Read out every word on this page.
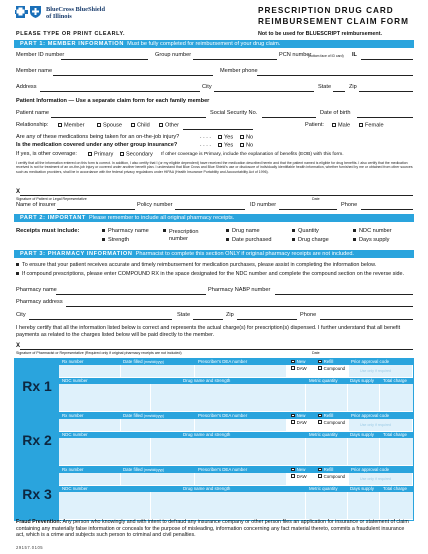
BlueCross BlueShield
of Illinois
PRESCRIPTION DRUG CARD
REIMBURSEMENT CLAIM FORM
PLEASE TYPE OR PRINT CLEARLY.	Not to be used for BLUESCRIPT reimbursement.
PART 1: MEMBER INFORMATION Must be fully completed for reimbursement of your drug claim.
Member ID number	Group number	PCN number
(bottom face of ID card) IL
Member name	Member phone
Address	City	State	Zip
Patient Information — Use a separate claim form for each family member
Patient name	Social Security No.	Date of birth
Relationship:	Member	Spouse	Child	Other	Patient:	Male	Female
Are any of these medications being taken for an on-the-job injury?	. . . .	Yes	No
Is the medication covered under any other group insurance?	. . . .	Yes	No
If yes, is other coverage:	Primary	Secondary If other coverage is Primary, include the explanation of benefits (EOB) with this form.
I certify that all the information entered on this form is correct. In addition, I also certify that I (or my eligible dependent) have received the medication described herein and that the patient named is eligible for drug benefits. I also certify that the medication received is not for treatment of an on-the-job injury or covered under another benefit plan. I understand that Blue Cross and Blue Shield's use or disclosure of individually identifiable health information, whether furnished by me or obtained from other sources such as medication providers, shall be in accordance with the federal privacy regulations under HIPAA (Health Insurance Portability and Accountability Act of 1996).
X
Signature of Patient or Legal Representative	Date
Name of insurer	Policy number	ID number	Phone
PART 2: IMPORTANT Please remember to include all original pharmacy receipts.
Receipts must include:	Pharmacy name
Strength
Prescription number
Drug name
Date purchased
Quantity
Drug charge
NDC number
Days supply
PART 3: PHARMACY INFORMATION Pharmacist to complete this section ONLY if original pharmacy receipts are not included.
To ensure that your patient receives accurate and timely reimbursement for medication purchases, please assist in completing the information below.
If compound prescriptions, please enter COMPOUND RX in the space designated for the NDC number and complete the compound section on the reverse side.
Pharmacy name	Pharmacy NABP number
Pharmacy address
City	State	Zip	Phone
I hereby certify that all the information listed below is correct and represents the actual charge(s) for prescription(s) dispensed. I further understand that all benefit payments as related to the charges listed below will be paid directly to the member.
X
Signature of Pharmacist or Representative (Required only if original pharmacy receipts are not included)	Date
Rx 1
Rx number	Date filled (mm/dd/yyyy)	Prescriber's DEA number	Prior approval code
New	Refill
DAW	Compound
Use only if required
NDC number	Drug name and strength	Metric quantity	Days supply Total charge
Rx 2
Rx number	Date filled (mm/dd/yyyy)	Prescriber's DEA number	Prior approval code
New	Refill
DAW	Compound
Use only if required
NDC number	Drug name and strength	Metric quantity	Days supply Total charge
Rx 3
Rx number	Date filled (mm/dd/yyyy)	Prescriber's DEA number	Prior approval code
New	Refill
DAW	Compound
Use only if required
NDC number	Drug name and strength	Metric quantity	Days supply Total charge
Fraud Prevention: Any person who knowingly and with intent to defraud any insurance company or other person files an application for insurance or statement of claim containing any materially false information or conceals for the purpose of misleading, information concerning any fact material thereto, commits a fraudulent insurance act, which is a crime and subjects such person to criminal and civil penalties.
29157.0105
